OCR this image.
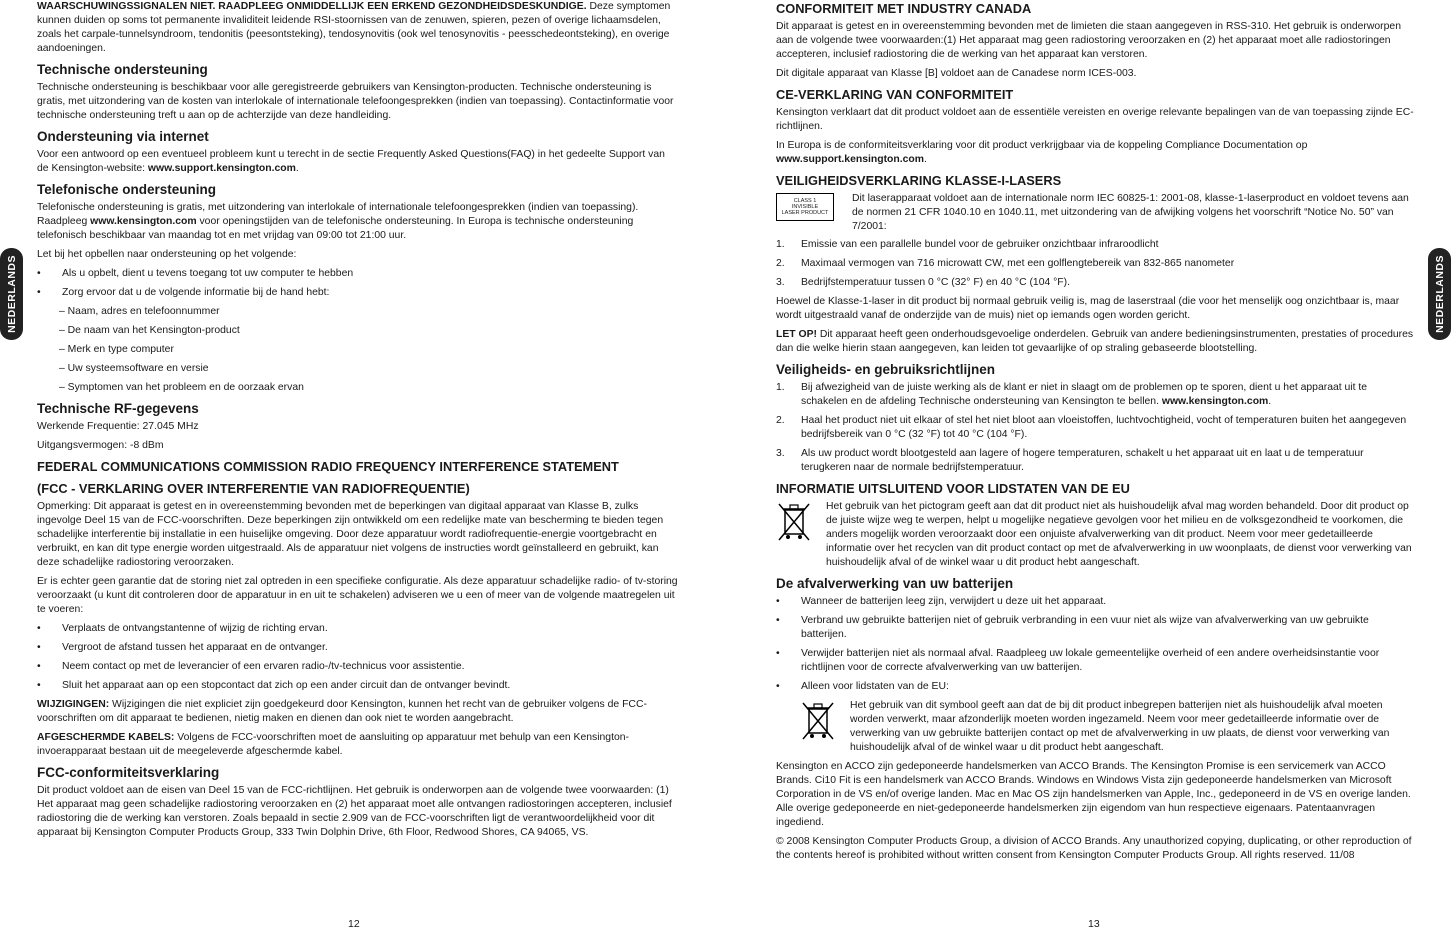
NEDERLANDS	NEDERLANDS

WAARSCHUWINGSSIGNALEN NIET. RAADPLEEG ONMIDDELLIJK EEN ERKEND GEZONDHEIDSDESKUNDIGE. Deze symptomen kunnen duiden op soms tot permanente invaliditeit leidende RSI-stoornissen van de zenuwen, spieren, pezen of overige lichaamsdelen, zoals het carpale-tunnelsyndroom, tendonitis (peesontsteking), tendosynovitis (ook wel tenosynovitis - peesschedeontsteking), en overige aandoeningen.

Technische ondersteuning

Technische ondersteuning is beschikbaar voor alle geregistreerde gebruikers van Kensington-producten. Technische ondersteuning is gratis, met uitzondering van de kosten van interlokale of internationale telefoongesprekken (indien van toepassing). Contactinformatie voor technische ondersteuning treft u aan op de achterzijde van deze handleiding.

Ondersteuning via internet

Voor een antwoord op een eventueel probleem kunt u terecht in de sectie Frequently Asked Questions(FAQ) in het gedeelte Support van de Kensington-website: www.support.kensington.com.

Telefonische ondersteuning

Telefonische ondersteuning is gratis, met uitzondering van interlokale of internationale telefoongesprekken (indien van toepassing). Raadpleeg www.kensington.com voor openingstijden van de telefonische ondersteuning. In Europa is technische ondersteuning telefonisch beschikbaar van maandag tot en met vrijdag van 09:00 tot 21:00 uur.

Let bij het opbellen naar ondersteuning op het volgende:

• Als u opbelt, dient u tevens toegang tot uw computer te hebben
• Zorg ervoor dat u de volgende informatie bij de hand hebt:
– Naam, adres en telefoonnummer
– De naam van het Kensington-product
– Merk en type computer
– Uw systeemsoftware en versie
– Symptomen van het probleem en de oorzaak ervan
Technische RF-gegevens

Werkende Frequentie: 27.045 MHz

Uitgangsvermogen: -8 dBm

FEDERAL COMMUNICATIONS COMMISSION RADIO FREQUENCY INTERFERENCE STATEMENT
(FCC - VERKLARING OVER INTERFERENTIE VAN RADIOFREQUENTIE)

Opmerking: Dit apparaat is getest en in overeenstemming bevonden met de beperkingen van digitaal apparaat van Klasse B, zulks ingevolge Deel 15 van de FCC-voorschriften. Deze beperkingen zijn ontwikkeld om een redelijke mate van bescherming te bieden tegen schadelijke interferentie bij installatie in een huiselijke omgeving. Door deze apparatuur wordt radiofrequentie-energie voortgebracht en verbruikt, en kan dit type energie worden uitgestraald. Als de apparatuur niet volgens de instructies wordt geïnstalleerd en gebruikt, kan deze schadelijke radiostoring veroorzaken.

Er is echter geen garantie dat de storing niet zal optreden in een specifieke configuratie. Als deze apparatuur schadelijke radio- of tv-storing veroorzaakt (u kunt dit controleren door de apparatuur in en uit te schakelen) adviseren we u een of meer van de volgende maatregelen uit te voeren:

• Verplaats de ontvangstantenne of wijzig de richting ervan.
• Vergroot de afstand tussen het apparaat en de ontvanger.
• Neem contact op met de leverancier of een ervaren radio-/tv-technicus voor assistentie.
• Sluit het apparaat aan op een stopcontact dat zich op een ander circuit dan de ontvanger bevindt.

WIJZIGINGEN: Wijzigingen die niet expliciet zijn goedgekeurd door Kensington, kunnen het recht van de gebruiker volgens de FCC-voorschriften om dit apparaat te bedienen, nietig maken en dienen dan ook niet te worden aangebracht.

AFGESCHERMDE KABELS: Volgens de FCC-voorschriften moet de aansluiting op apparatuur met behulp van een Kensington-invoerapparaat bestaan uit de meegeleverde afgeschermde kabel.

FCC-conformiteitsverklaring

Dit product voldoet aan de eisen van Deel 15 van de FCC-richtlijnen. Het gebruik is onderworpen aan de volgende twee voorwaarden: (1) Het apparaat mag geen schadelijke radiostoring veroorzaken en (2) het apparaat moet alle ontvangen radiostoringen accepteren, inclusief radiostoring die de werking kan verstoren. Zoals bepaald in sectie 2.909 van de FCC-voorschriften ligt de verantwoordelijkheid voor dit apparaat bij Kensington Computer Products Group, 333 Twin Dolphin Drive, 6th Floor, Redwood Shores, CA 94065, VS.

CONFORMITEIT MET INDUSTRY CANADA

Dit apparaat is getest en in overeenstemming bevonden met de limieten die staan aangegeven in RSS-310. Het gebruik is onderworpen aan de volgende twee voorwaarden:(1) Het apparaat mag geen radiostoring veroorzaken en (2) het apparaat moet alle radiostoringen accepteren, inclusief radiostoring die de werking van het apparaat kan verstoren.

Dit digitale apparaat van Klasse [B] voldoet aan de Canadese norm ICES-003.

CE-VERKLARING VAN CONFORMITEIT

Kensington verklaart dat dit product voldoet aan de essentiële vereisten en overige relevante bepalingen van de van toepassing zijnde EC-richtlijnen.

In Europa is de conformiteitsverklaring voor dit product verkrijgbaar via de koppeling Compliance Documentation op www.support.kensington.com.

VEILIGHEIDSVERKLARING KLASSE-I-LASERS
CLASS 1
INVISIBLE
LASER PRODUCT
Dit laserapparaat voldoet aan de internationale norm IEC 60825-1: 2001-08, klasse-1-laserproduct en voldoet tevens aan de normen 21 CFR 1040.10 en 1040.11, met uitzondering van de afwijking volgens het voorschrift “Notice No. 50” van 7/2001:
1. Emissie van een parallelle bundel voor de gebruiker onzichtbaar infraroodlicht
2. Maximaal vermogen van 716 microwatt CW, met een golflengtebereik van 832-865 nanometer
3. Bedrijfstemperatuur tussen 0 °C (32° F) en 40 °C (104 °F).

Hoewel de Klasse-1-laser in dit product bij normaal gebruik veilig is, mag de laserstraal (die voor het menselijk oog onzichtbaar is, maar wordt uitgestraald vanaf de onderzijde van de muis) niet op iemands ogen worden gericht.

LET OP! Dit apparaat heeft geen onderhoudsgevoelige onderdelen. Gebruik van andere bedieningsinstrumenten, prestaties of procedures dan die welke hierin staan aangegeven, kan leiden tot gevaarlijke of op straling gebaseerde blootstelling.

Veiligheids- en gebruiksrichtlijnen
1. Bij afwezigheid van de juiste werking als de klant er niet in slaagt om de problemen op te sporen, dient u het apparaat uit te schakelen en de afdeling Technische ondersteuning van Kensington te bellen. www.kensington.com.
2. Haal het product niet uit elkaar of stel het niet bloot aan vloeistoffen, luchtvochtigheid, vocht of temperaturen buiten het aangegeven bedrijfsbereik van 0 °C (32 °F) tot 40 °C (104 °F).
3. Als uw product wordt blootgesteld aan lagere of hogere temperaturen, schakelt u het apparaat uit en laat u de temperatuur terugkeren naar de normale bedrijfstemperatuur.
INFORMATIE UITSLUITEND VOOR LIDSTATEN VAN DE EU
Het gebruik van het pictogram geeft aan dat dit product niet als huishoudelijk afval mag worden behandeld. Door dit product op de juiste wijze weg te werpen, helpt u mogelijke negatieve gevolgen voor het milieu en de volksgezondheid te voorkomen, die anders mogelijk worden veroorzaakt door een onjuiste afvalverwerking van dit product. Neem voor meer gedetailleerde informatie over het recyclen van dit product contact op met de afvalverwerking in uw woonplaats, de dienst voor verwerking van huishoudelijk afval of de winkel waar u dit product hebt aangeschaft.
De afvalverwerking van uw batterijen
• Wanneer de batterijen leeg zijn, verwijdert u deze uit het apparaat.
• Verbrand uw gebruikte batterijen niet of gebruik verbranding in een vuur niet als wijze van afvalverwerking van uw gebruikte batterijen.
• Verwijder batterijen niet als normaal afval. Raadpleeg uw lokale gemeentelijke overheid of een andere overheidsinstantie voor richtlijnen voor de correcte afvalverwerking van uw batterijen.
• Alleen voor lidstaten van de EU:
Het gebruik van dit symbool geeft aan dat de bij dit product inbegrepen batterijen niet als huishoudelijk afval moeten worden verwerkt, maar afzonderlijk moeten worden ingezameld. Neem voor meer gedetailleerde informatie over de verwerking van uw gebruikte batterijen contact op met de afvalverwerking in uw plaats, de dienst voor verwerking van huishoudelijk afval of de winkel waar u dit product hebt aangeschaft.

Kensington en ACCO zijn gedeponeerde handelsmerken van ACCO Brands. The Kensington Promise is een servicemerk van ACCO Brands. Ci10 Fit is een handelsmerk van ACCO Brands. Windows en Windows Vista zijn gedeponeerde handelsmerken van Microsoft Corporation in de VS en/of overige landen. Mac en Mac OS zijn handelsmerken van Apple, Inc., gedeponeerd in de VS en overige landen. Alle overige gedeponeerde en niet-gedeponeerde handelsmerken zijn eigendom van hun respectieve eigenaars. Patentaanvragen ingediend.

© 2008 Kensington Computer Products Group, a division of ACCO Brands. Any unauthorized copying, duplicating, or other reproduction of the contents hereof is prohibited without written consent from Kensington Computer Products Group. All rights reserved. 11/08

12	13
